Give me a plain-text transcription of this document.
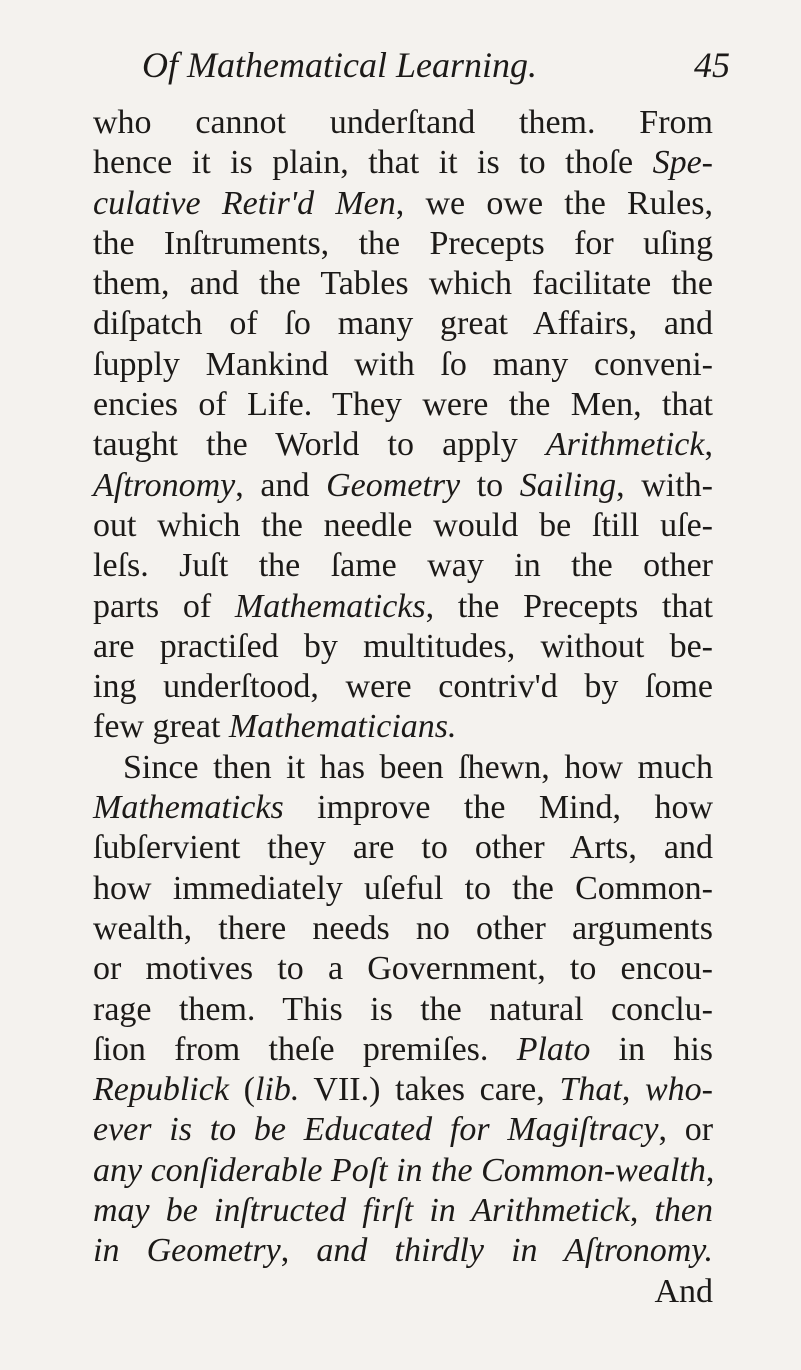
Of Mathematical Learning.	45
who cannot underſtand them. From
hence it is plain, that it is to thoſe Spe-
culative Retir'd Men, we owe the Rules,
the Inſtruments, the Precepts for uſing
them, and the Tables which facilitate the
diſpatch of ſo many great Affairs, and
ſupply Mankind with ſo many conveni-
encies of Life. They were the Men, that
taught the World to apply Arithmetick,
Aſtronomy, and Geometry to Sailing, with-
out which the needle would be ſtill uſe-
leſs. Juſt the ſame way in the other
parts of Mathematicks, the Precepts that
are practiſed by multitudes, without be-
ing underſtood, were contriv'd by ſome
few great Mathematicians.
Since then it has been ſhewn, how much
Mathematicks improve the Mind, how
ſubſervient they are to other Arts, and
how immediately uſeful to the Common-
wealth, there needs no other arguments
or motives to a Government, to encou-
rage them. This is the natural conclu-
ſion from theſe premiſes. Plato in his
Republick (lib. VII.) takes care, That, who-
ever is to be Educated for Magiſtracy, or
any conſiderable Poſt in the Common-wealth,
may be inſtructed firſt in Arithmetick, then
in Geometry, and thirdly in Aſtronomy.
And
